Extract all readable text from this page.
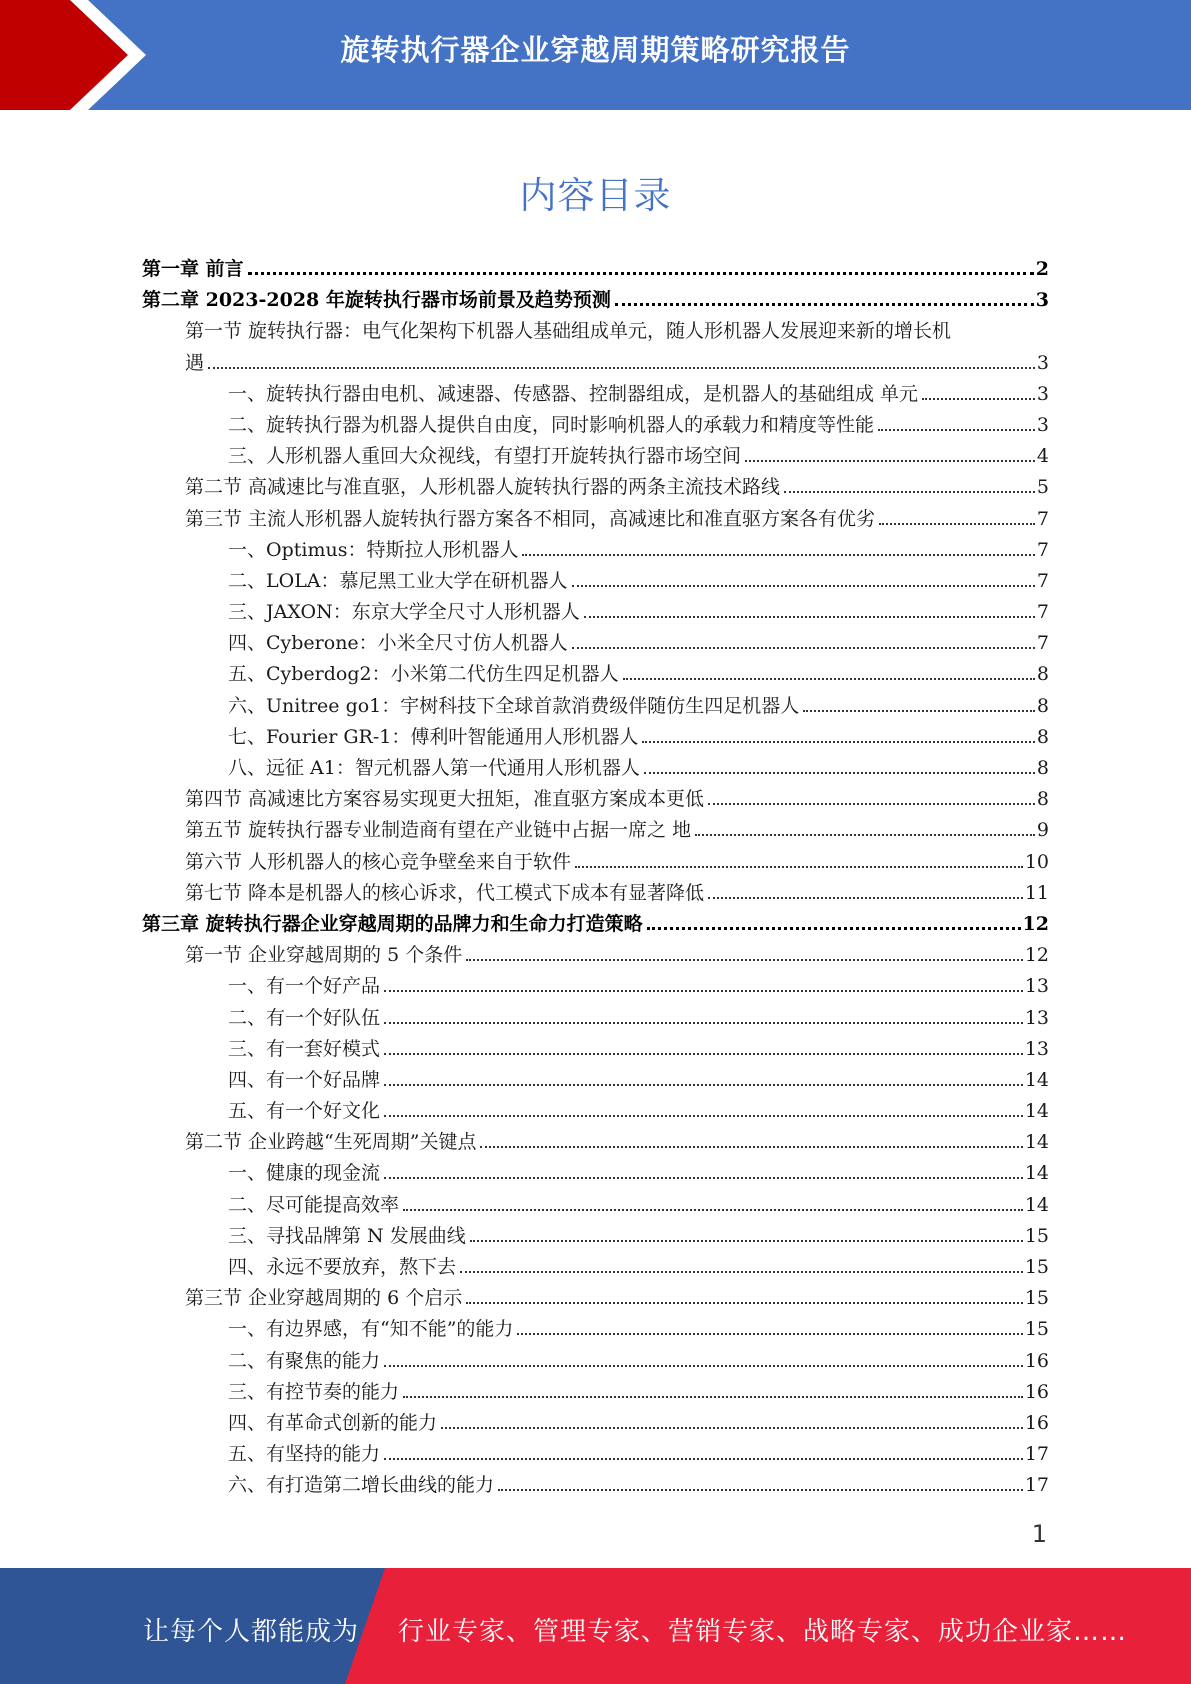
旋转执行器企业穿越周期策略研究报告
内容目录
第一章 前言	2
第二章 2023-2028 年旋转执行器市场前景及趋势预测	3
第一节 旋转执行器：电气化架构下机器人基础组成单元，随人形机器人发展迎来新的增长机
遇	3
一、旋转执行器由电机、减速器、传感器、控制器组成，是机器人的基础组成 单元	3
二、旋转执行器为机器人提供自由度，同时影响机器人的承载力和精度等性能	3
三、人形机器人重回大众视线，有望打开旋转执行器市场空间	4
第二节 高减速比与准直驱，人形机器人旋转执行器的两条主流技术路线	5
第三节 主流人形机器人旋转执行器方案各不相同，高减速比和准直驱方案各有优劣	7
一、Optimus：特斯拉人形机器人	7
二、LOLA：慕尼黑工业大学在研机器人	7
三、JAXON：东京大学全尺寸人形机器人	7
四、Cyberone：小米全尺寸仿人机器人	7
五、Cyberdog2：小米第二代仿生四足机器人	8
六、Unitree go1：宇树科技下全球首款消费级伴随仿生四足机器人	8
七、Fourier GR-1：傅利叶智能通用人形机器人	8
八、远征 A1：智元机器人第一代通用人形机器人	8
第四节 高减速比方案容易实现更大扭矩，准直驱方案成本更低	8
第五节 旋转执行器专业制造商有望在产业链中占据一席之 地	9
第六节 人形机器人的核心竞争壁垒来自于软件	10
第七节 降本是机器人的核心诉求，代工模式下成本有显著降低	11
第三章 旋转执行器企业穿越周期的品牌力和生命力打造策略	12
第一节 企业穿越周期的 5 个条件	12
一、有一个好产品	13
二、有一个好队伍	13
三、有一套好模式	13
四、有一个好品牌	14
五、有一个好文化	14
第二节 企业跨越“生死周期”关键点	14
一、健康的现金流	14
二、尽可能提高效率	14
三、寻找品牌第 N 发展曲线	15
四、永远不要放弃，熬下去	15
第三节 企业穿越周期的 6 个启示	15
一、有边界感，有“知不能”的能力	15
二、有聚焦的能力	16
三、有控节奏的能力	16
四、有革命式创新的能力	16
五、有坚持的能力	17
六、有打造第二增长曲线的能力	17
1
让每个人都能成为 行业专家、管理专家、营销专家、战略专家、成功企业家……
